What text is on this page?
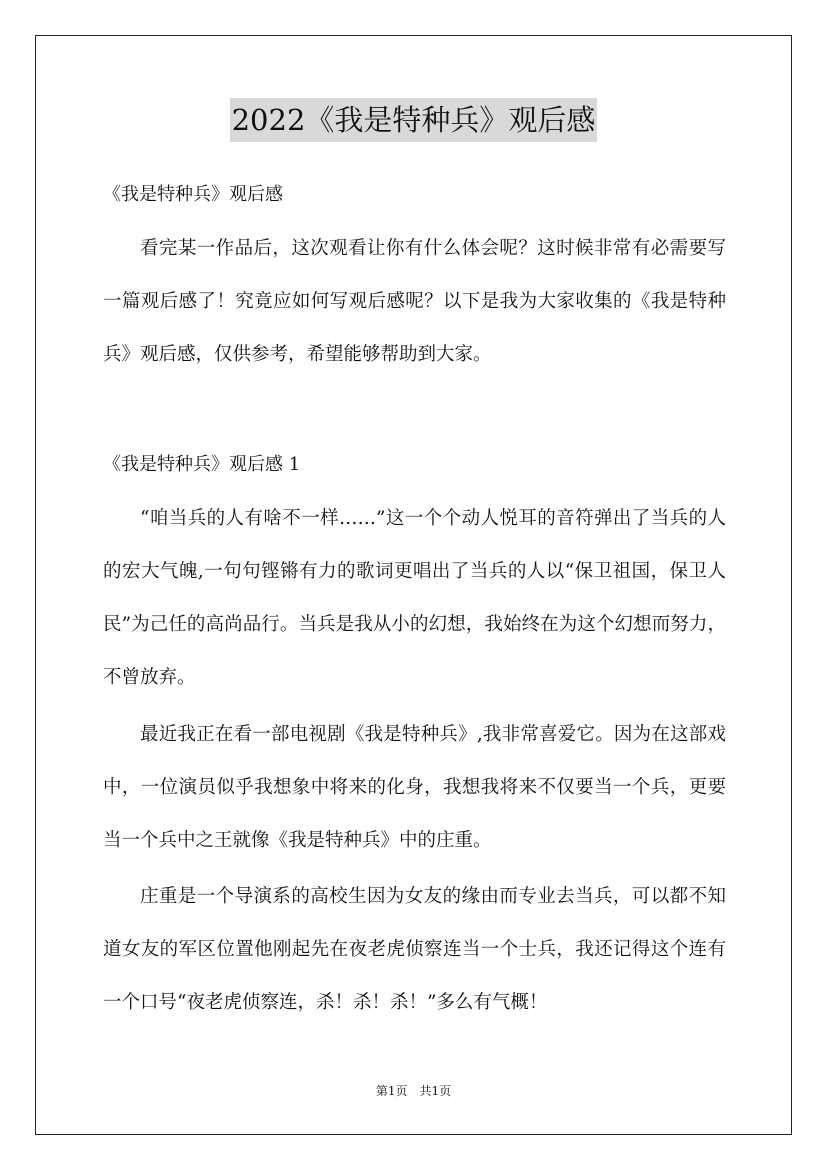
2022《我是特种兵》观后感
《我是特种兵》观后感

看完某一作品后，这次观看让你有什么体会呢？这时候非常有必需要写一篇观后感了！究竟应如何写观后感呢？以下是我为大家收集的《我是特种兵》观后感，仅供参考，希望能够帮助到大家。

《我是特种兵》观后感 1

“咱当兵的人有啥不一样……”这一个个动人悦耳的音符弹出了当兵的人的宏大气魄,一句句铿锵有力的歌词更唱出了当兵的人以“保卫祖国，保卫人民”为己任的高尚品行。当兵是我从小的幻想，我始终在为这个幻想而努力，不曾放弃。

最近我正在看一部电视剧《我是特种兵》,我非常喜爱它。因为在这部戏中，一位演员似乎我想象中将来的化身，我想我将来不仅要当一个兵，更要当一个兵中之王就像《我是特种兵》中的庄重。

庄重是一个导演系的高校生因为女友的缘由而专业去当兵，可以都不知道女友的军区位置他刚起先在夜老虎侦察连当一个士兵，我还记得这个连有一个口号“夜老虎侦察连，杀！杀！杀！”多么有气概！

第1页　共1页
